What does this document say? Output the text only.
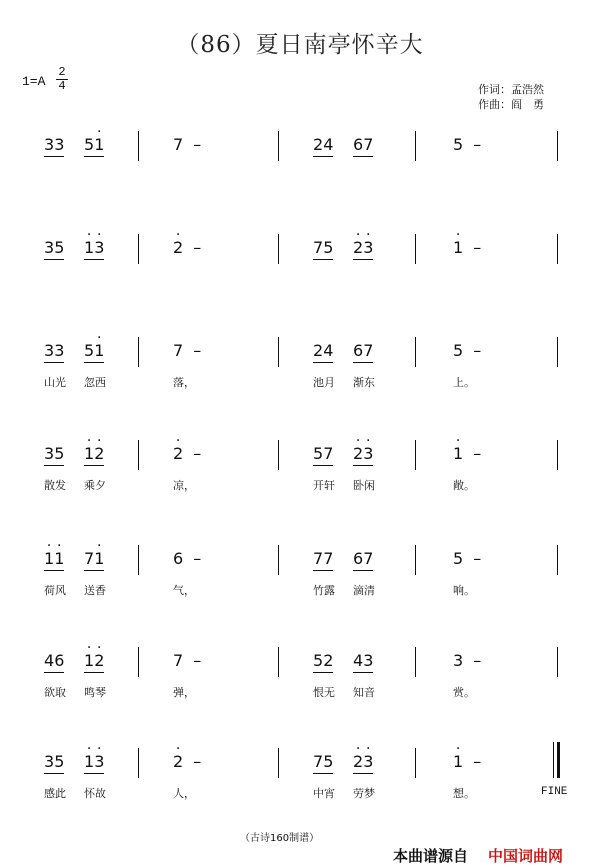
（86）夏日南亭怀辛大
$1=A \frac{2}{4}$	作词：孟浩然
作曲：阎　勇
33 5· 1	7 –	24 67	5 –
35 · 1· 3	· 2 –	75 · 2· 3	· 1 –
33 5· 1	7 –	24 67	5 –
山光 忽西	落，	池月 渐东	上。
35 · 1· 2	· 2 –	57 · 2· 3	· 1 –
散发 乘夕	凉，	开轩 卧闲	敞。
· 1· 1 7· 1	6 –	77 67	5 –
荷风 送香	气，	竹露 滴清	响。
46 · 1· 2	7 –	52 43	3 –
欲取 鸣琴	弹，	恨无 知音	赏。
FINE
35 · 1· 3	· 2 –	75 · 2· 3	· 1 –
感此 怀故	人，	中宵 劳梦	想。
（古诗160制谱）
本曲谱源自 中国词曲网
